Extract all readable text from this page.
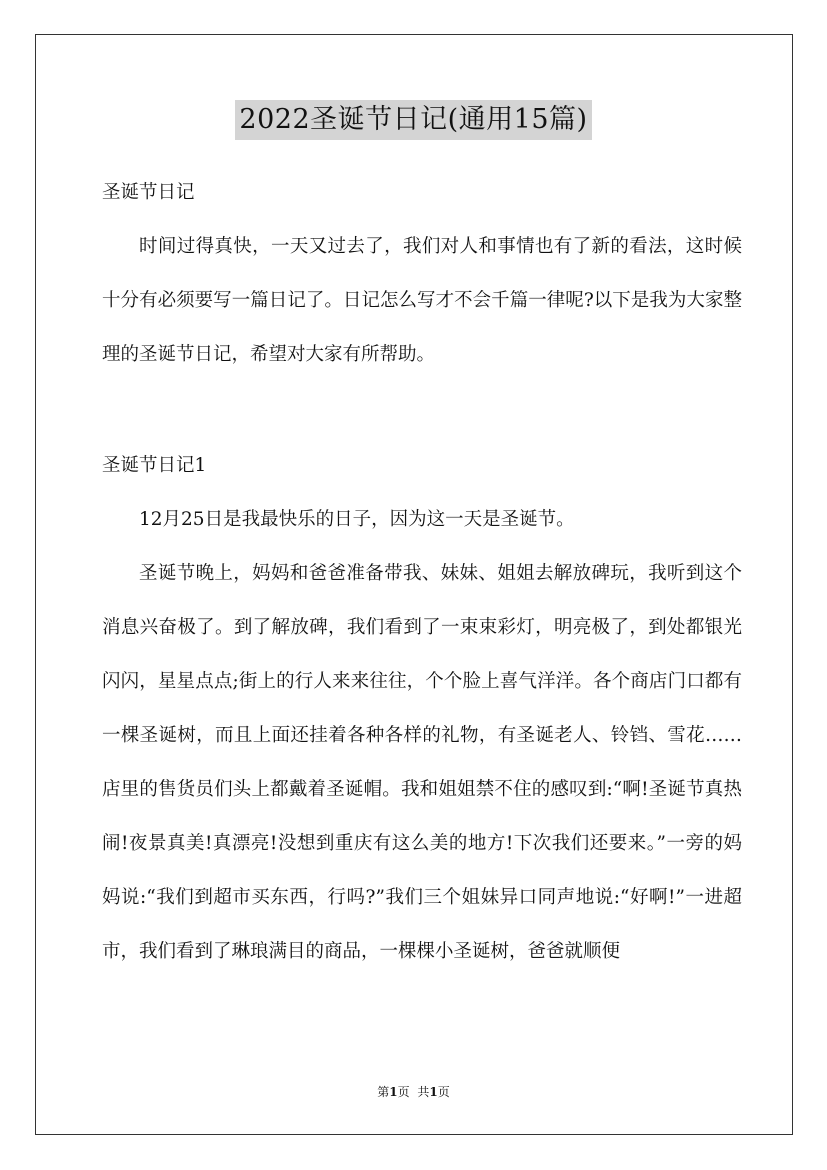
2022圣诞节日记(通用15篇)

圣诞节日记

时间过得真快，一天又过去了，我们对人和事情也有了新的看法，这时候十分有必须要写一篇日记了。日记怎么写才不会千篇一律呢?以下是我为大家整理的圣诞节日记，希望对大家有所帮助。

圣诞节日记1

12月25日是我最快乐的日子，因为这一天是圣诞节。

圣诞节晚上，妈妈和爸爸准备带我、妹妹、姐姐去解放碑玩，我听到这个消息兴奋极了。到了解放碑，我们看到了一束束彩灯，明亮极了，到处都银光闪闪，星星点点;街上的行人来来往往，个个脸上喜气洋洋。各个商店门口都有一棵圣诞树，而且上面还挂着各种各样的礼物，有圣诞老人、铃铛、雪花……店里的售货员们头上都戴着圣诞帽。我和姐姐禁不住的感叹到:“啊!圣诞节真热闹!夜景真美!真漂亮!没想到重庆有这么美的地方!下次我们还要来。”一旁的妈妈说:“我们到超市买东西，行吗?”我们三个姐妹异口同声地说:“好啊!”一进超市，我们看到了琳琅满目的商品，一棵棵小圣诞树，爸爸就顺便

第1页 共1页
